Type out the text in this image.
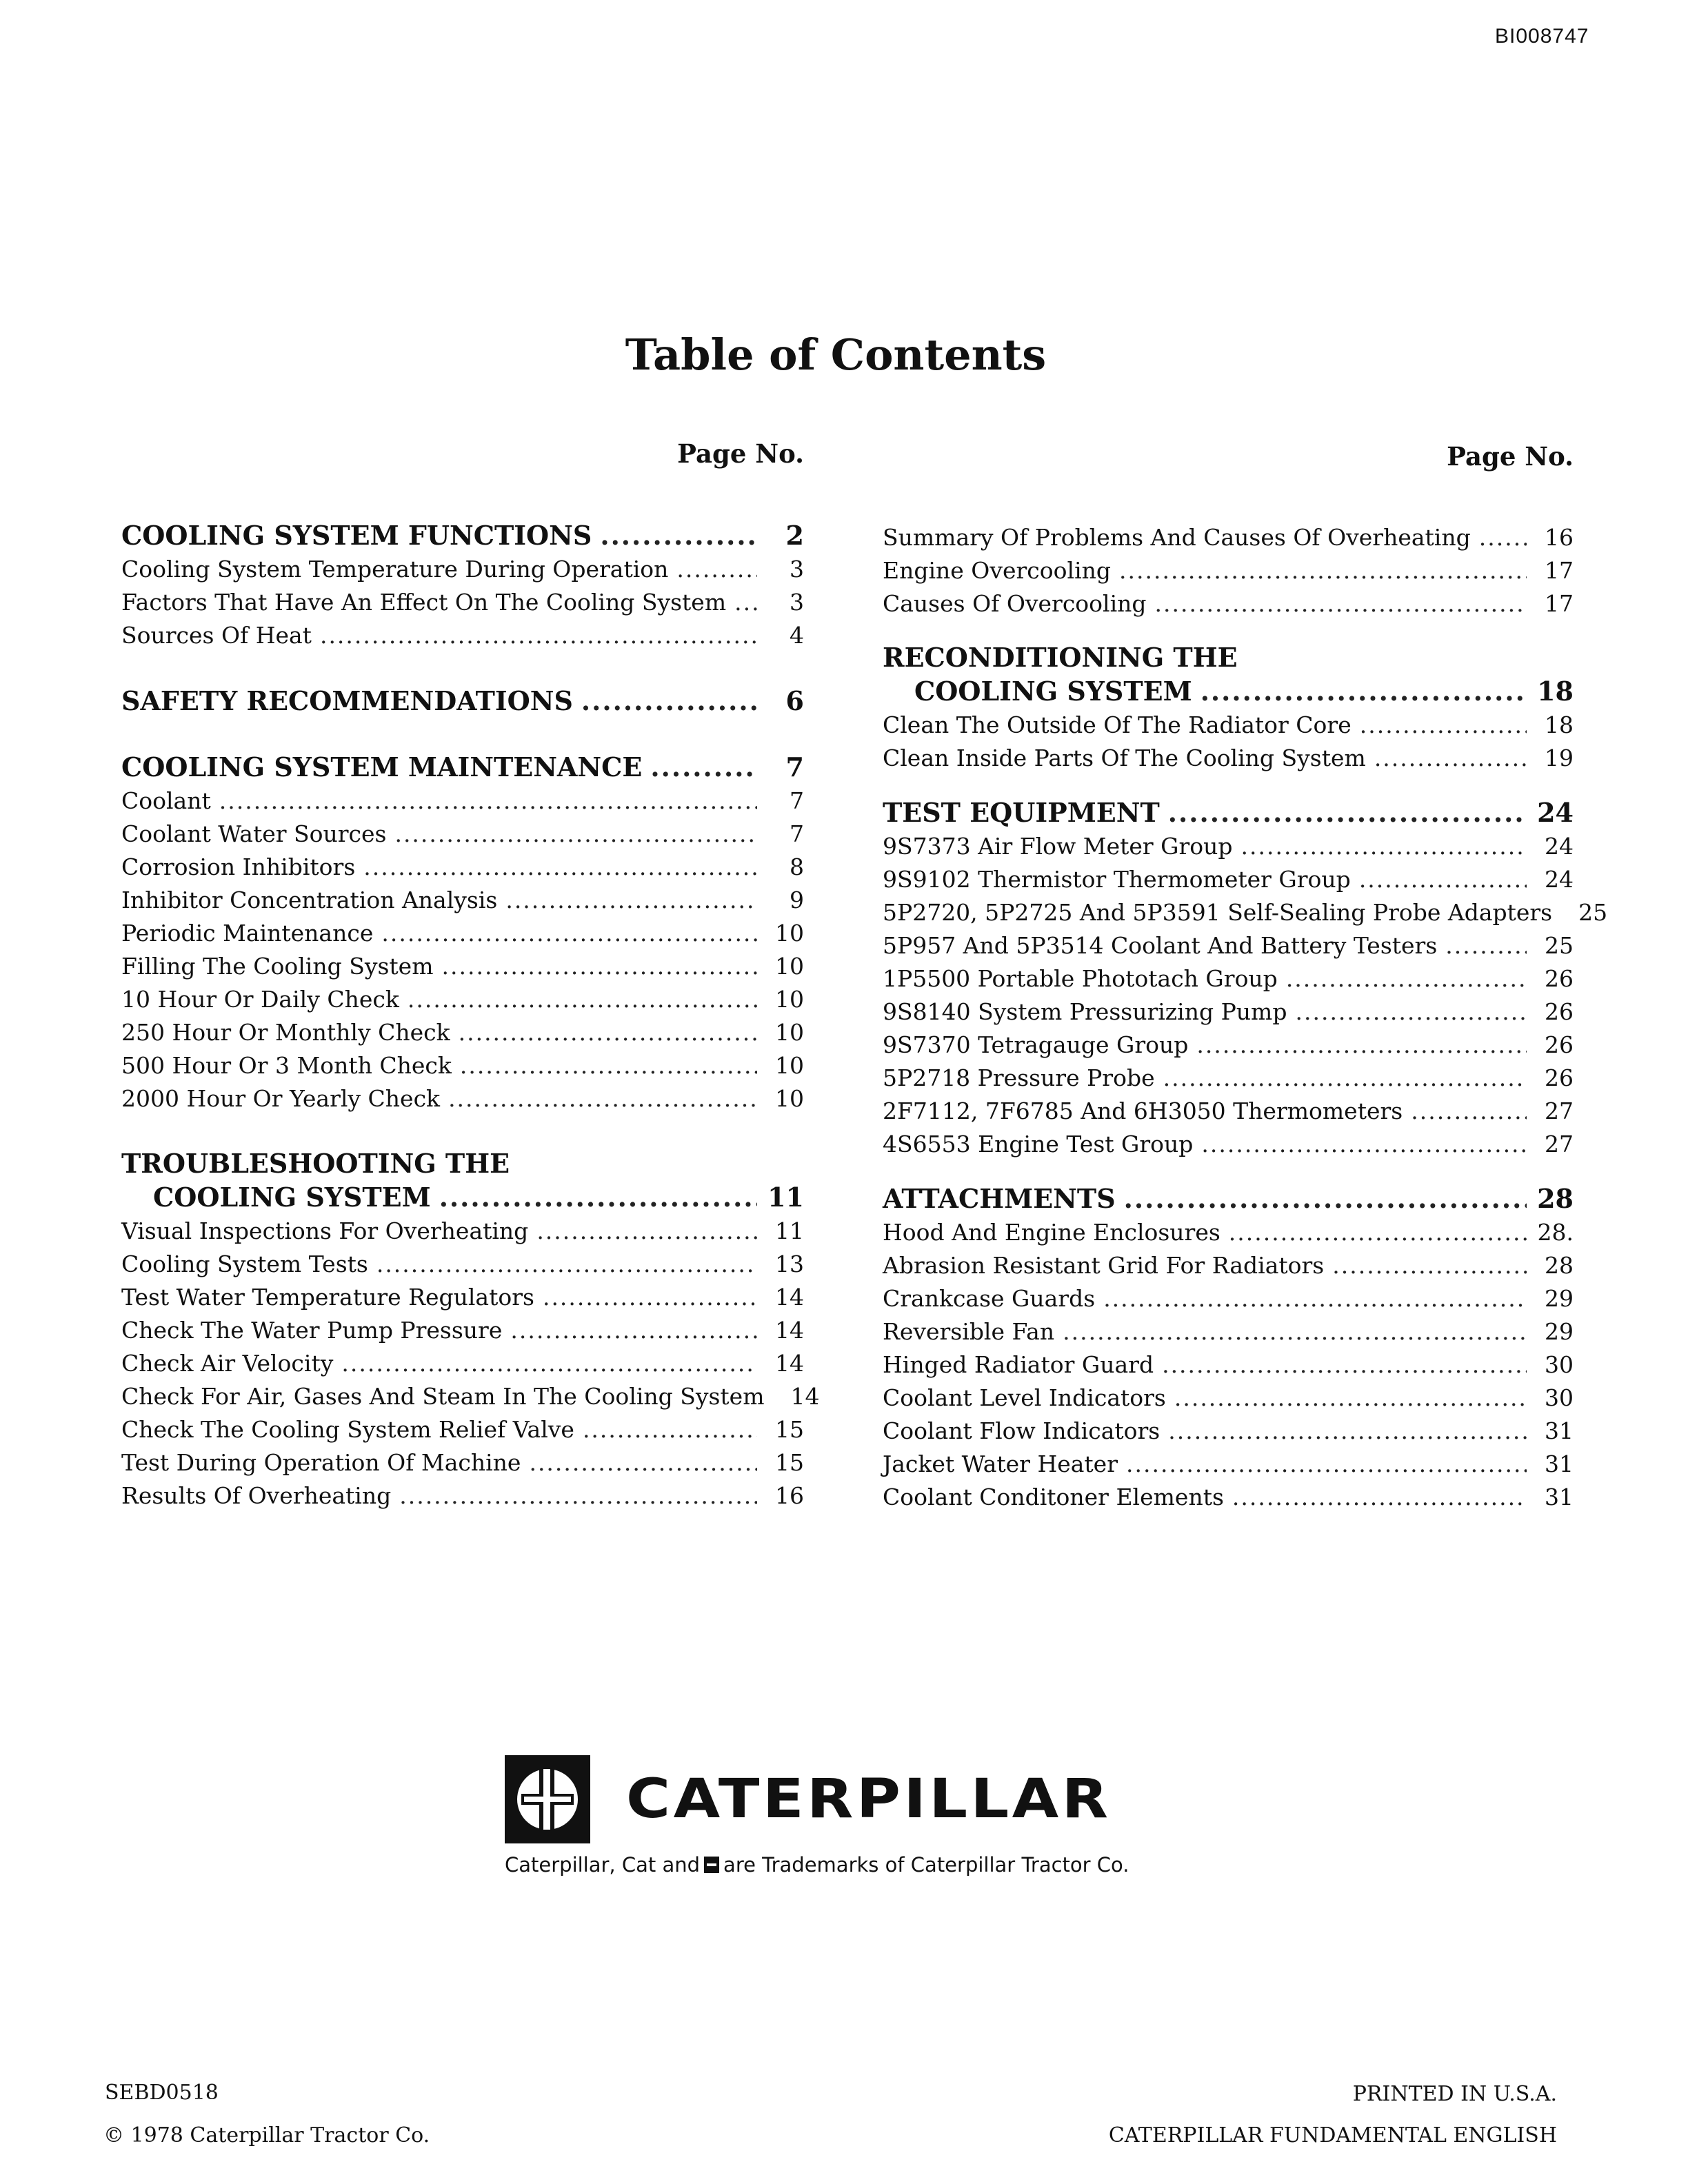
BI008747
Table of Contents
Page No.
COOLING SYSTEM FUNCTIONS .....	2
Cooling System Temperature During Operation .....	3
Factors That Have An Effect On The Cooling System .....	3
Sources Of Heat .....	4
SAFETY RECOMMENDATIONS .....	6
COOLING SYSTEM MAINTENANCE .....	7
Coolant .....	7
Coolant Water Sources .....	7
Corrosion Inhibitors .....	8
Inhibitor Concentration Analysis .....	9
Periodic Maintenance .....	10
Filling The Cooling System .....	10
10 Hour Or Daily Check .....	10
250 Hour Or Monthly Check .....	10
500 Hour Or 3 Month Check .....	10
2000 Hour Or Yearly Check .....	10
TROUBLESHOOTING THE
COOLING SYSTEM .....	11
Visual Inspections For Overheating .....	11
Cooling System Tests .....	13
Test Water Temperature Regulators .....	14
Check The Water Pump Pressure .....	14
Check Air Velocity .....	14
Check For Air, Gases And Steam In The Cooling System	14
Check The Cooling System Relief Valve .....	15
Test During Operation Of Machine .....	15
Results Of Overheating .....	16
Page No.
Summary Of Problems And Causes Of Overheating .....	16
Engine Overcooling .....	17
Causes Of Overcooling .....	17
RECONDITIONING THE
COOLING SYSTEM .....	18
Clean The Outside Of The Radiator Core .....	18
Clean Inside Parts Of The Cooling System .....	19
TEST EQUIPMENT .....	24
9S7373 Air Flow Meter Group .....	24
9S9102 Thermistor Thermometer Group .....	24
5P2720, 5P2725 And 5P3591 Self-Sealing Probe Adapters	25
5P957 And 5P3514 Coolant And Battery Testers .....	25
1P5500 Portable Phototach Group .....	26
9S8140 System Pressurizing Pump .....	26
9S7370 Tetragauge Group .....	26
5P2718 Pressure Probe .....	26
2F7112, 7F6785 And 6H3050 Thermometers .....	27
4S6553 Engine Test Group .....	27
ATTACHMENTS .....	28
Hood And Engine Enclosures .....	28.
Abrasion Resistant Grid For Radiators .....	28
Crankcase Guards .....	29
Reversible Fan .....	29
Hinged Radiator Guard .....	30
Coolant Level Indicators .....	30
Coolant Flow Indicators .....	31
Jacket Water Heater .....	31
Coolant Conditoner Elements .....	31
CATERPILLAR
Caterpillar, Cat and are Trademarks of Caterpillar Tractor Co.
SEBD0518
© 1978 Caterpillar Tractor Co.
PRINTED IN U.S.A.
CATERPILLAR FUNDAMENTAL ENGLISH
